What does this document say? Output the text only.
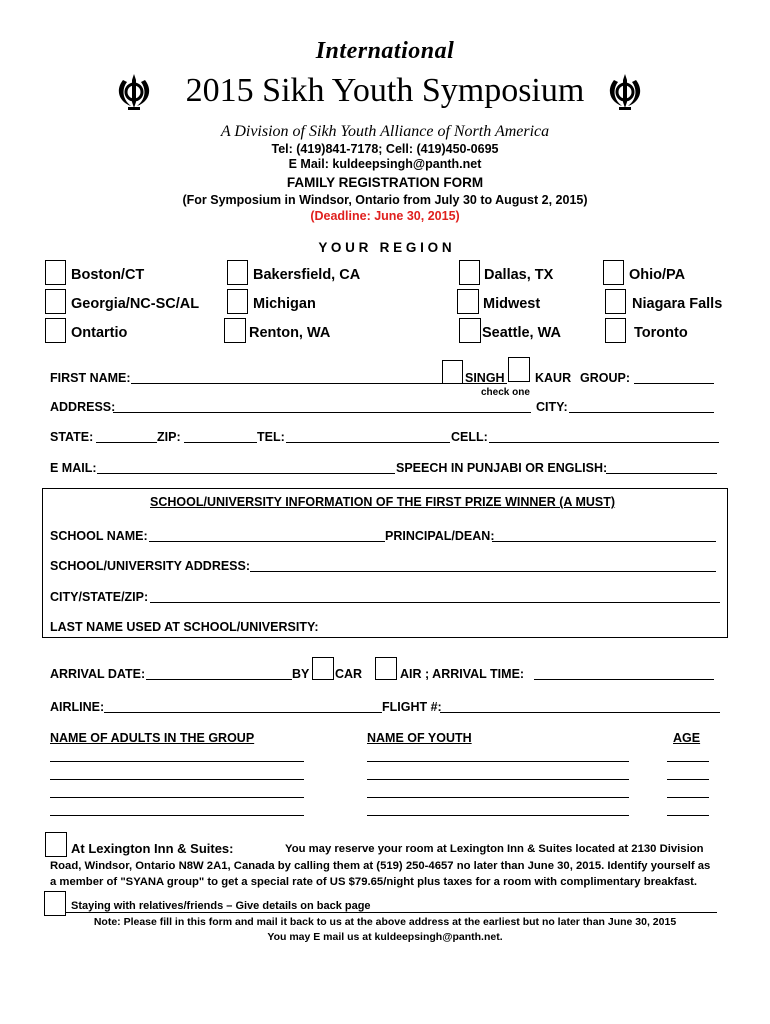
International
2015 Sikh Youth Symposium
A Division of Sikh Youth Alliance of North America
Tel: (419)841-7178; Cell: (419)450-0695
E Mail: kuldeepsingh@panth.net
FAMILY REGISTRATION FORM
(For Symposium in Windsor, Ontario from July 30 to August 2, 2015)
(Deadline: June 30, 2015)
Y O U R   R E G I O N
Boston/CT	Bakersfield, CA	Dallas, TX	Ohio/PA
Georgia/NC-SC/AL	Michigan	Midwest	Niagara Falls
Ontartio	Renton, WA	Seattle, WA	Toronto
FIRST NAME:	SINGH KAUR GROUP:
check one
ADDRESS:	CITY:
STATE:	ZIP:	TEL:	CELL:
E MAIL:	SPEECH IN PUNJABI OR ENGLISH:
SCHOOL/UNIVERSITY INFORMATION OF THE FIRST PRIZE WINNER (A MUST)
SCHOOL NAME:	PRINCIPAL/DEAN:
SCHOOL/UNIVERSITY ADDRESS:
CITY/STATE/ZIP:
LAST NAME USED AT SCHOOL/UNIVERSITY:
ARRIVAL DATE:	BY CAR	AIR ; ARRIVAL TIME:
AIRLINE:	FLIGHT #:
NAME OF ADULTS IN THE GROUP	NAME OF YOUTH	AGE
At Lexington Inn & Suites:	You may reserve your room at Lexington Inn & Suites located at 2130 Division
Road, Windsor, Ontario N8W 2A1, Canada by calling them at (519) 250-4657 no later than June 30, 2015. Identify yourself as
a member of "SYANA group" to get a special rate of US $79.65/night plus taxes for a room with complimentary breakfast.
Staying with relatives/friends – Give details on back page
Note: Please fill in this form and mail it back to us at the above address at the earliest but no later than June 30, 2015
You may E mail us at kuldeepsingh@panth.net.
